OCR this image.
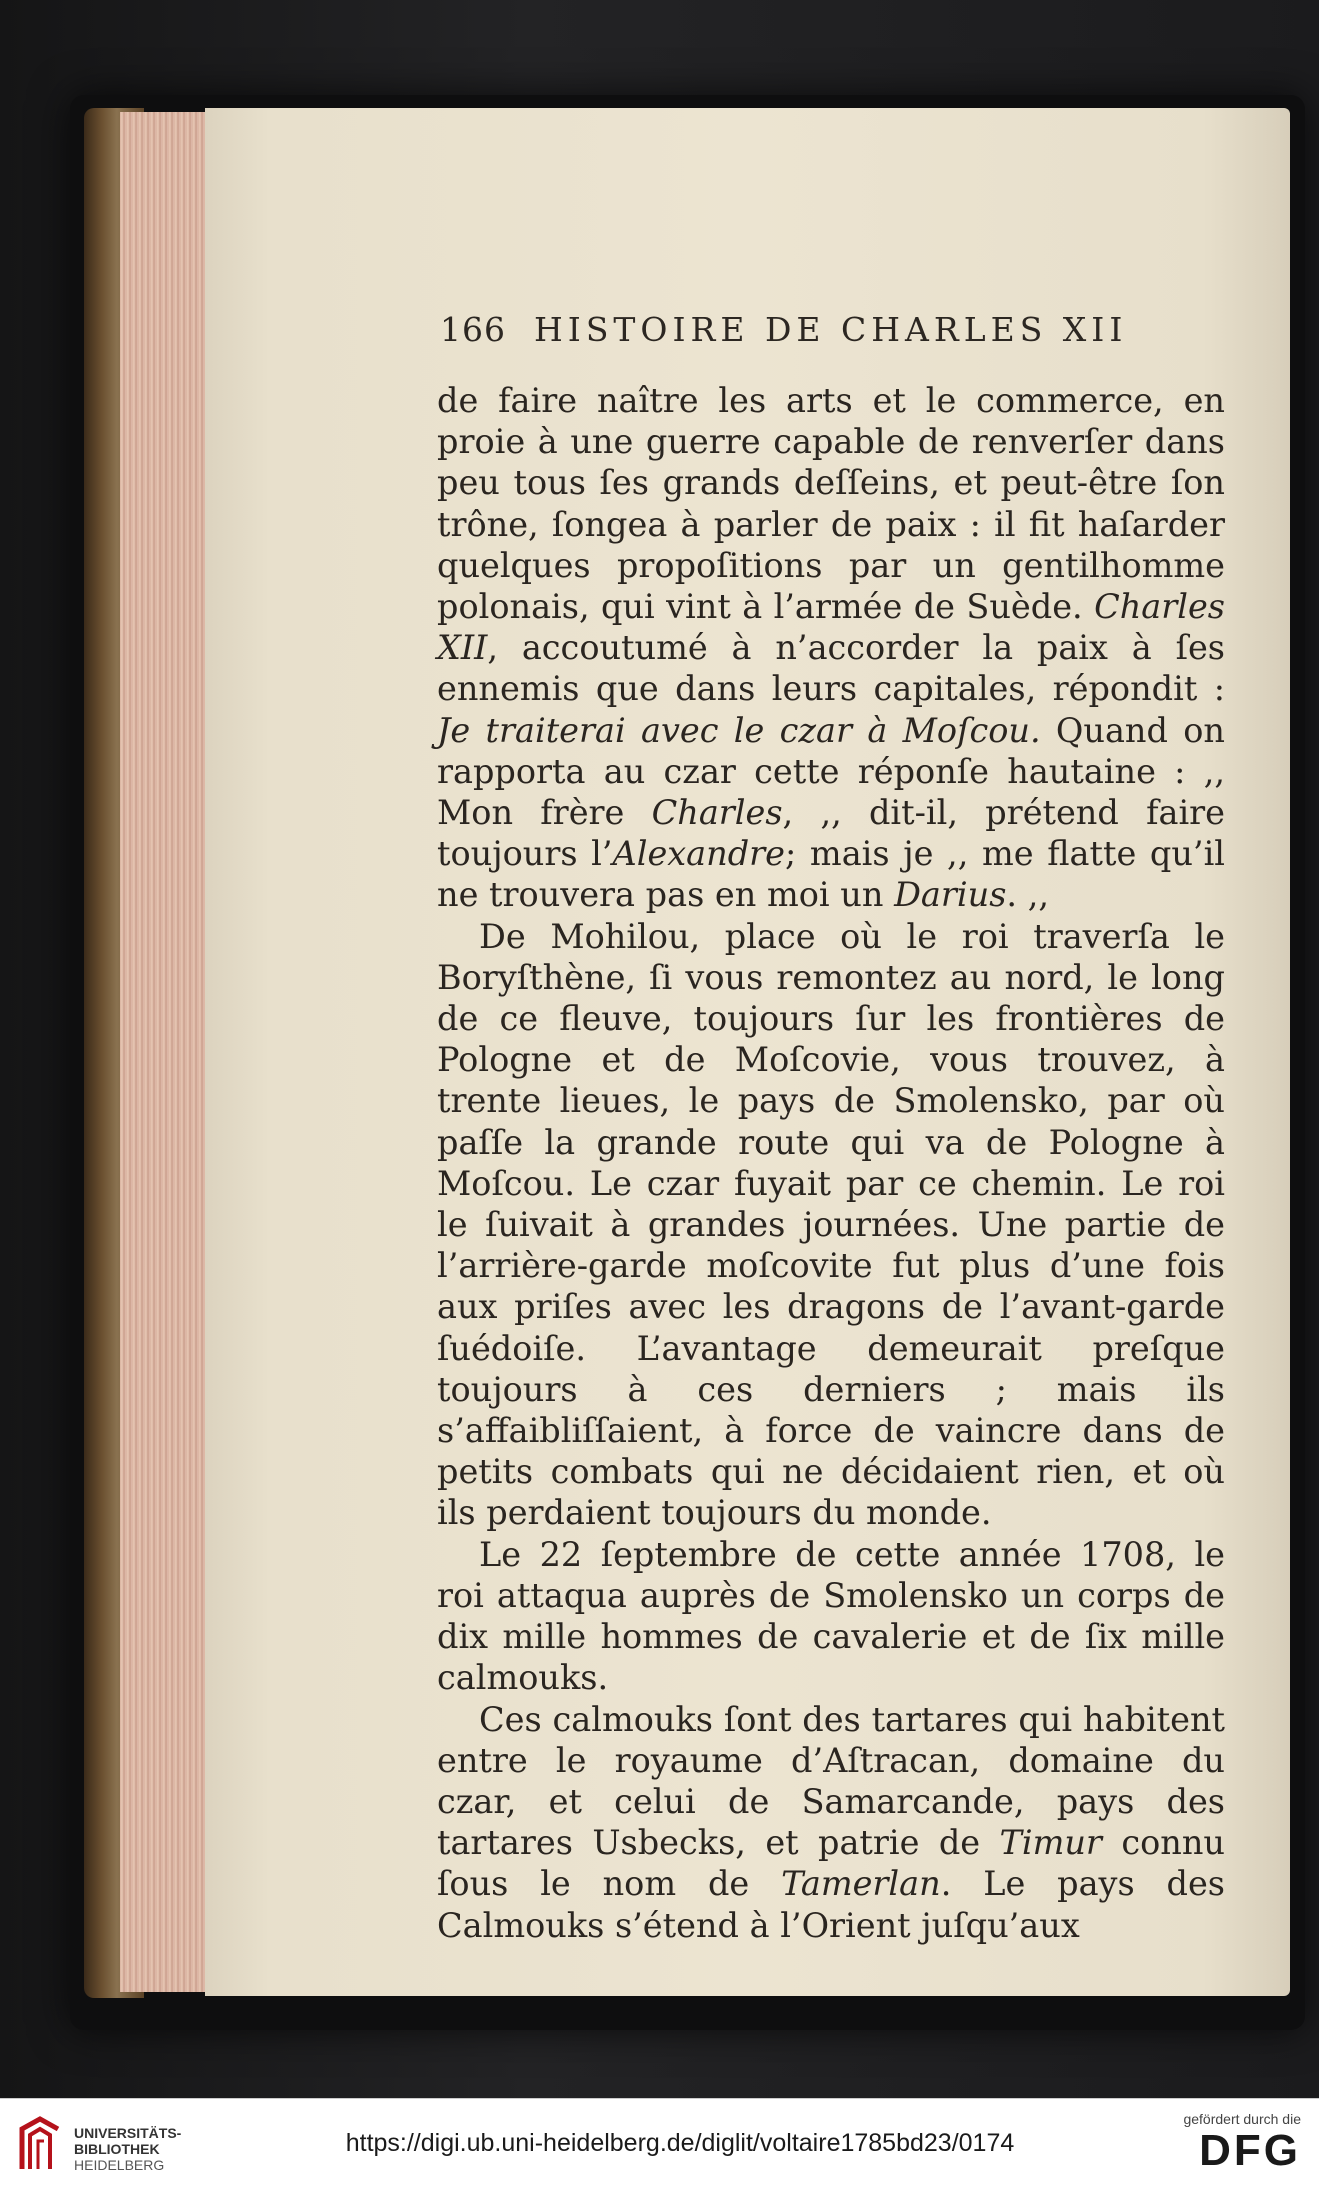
166 HISTOIRE DE CHARLES XII

de faire naître les arts et le commerce, en proie à une guerre capable de renverſer dans peu tous ſes grands deſſeins, et peut-être ſon trône, ſongea à parler de paix : il fit haſarder quelques propoſitions par un gentilhomme polonais, qui vint à l’armée de Suède. Charles XII, accoutumé à n’accorder la paix à ſes ennemis que dans leurs capitales, répondit : Je traiterai avec le czar à Moſcou. Quand on rapporta au czar cette réponſe hautaine : ,, Mon frère Charles, ,, dit-il, prétend faire toujours l’Alexandre; mais je ,, me flatte qu’il ne trouvera pas en moi un Darius. ,,

De Mohilou, place où le roi traverſa le Boryſthène, ſi vous remontez au nord, le long de ce fleuve, toujours ſur les frontières de Pologne et de Moſcovie, vous trouvez, à trente lieues, le pays de Smolensko, par où paſſe la grande route qui va de Pologne à Moſcou. Le czar fuyait par ce chemin. Le roi le ſuivait à grandes journées. Une partie de l’arrière-garde moſcovite fut plus d’une fois aux priſes avec les dragons de l’avant-garde ſuédoiſe. L’avantage demeurait preſque toujours à ces derniers ; mais ils s’affaibliſſaient, à force de vaincre dans de petits combats qui ne décidaient rien, et où ils perdaient toujours du monde.

Le 22 ſeptembre de cette année 1708, le roi attaqua auprès de Smolensko un corps de dix mille hommes de cavalerie et de ſix mille calmouks.

Ces calmouks ſont des tartares qui habitent entre le royaume d’Aſtracan, domaine du czar, et celui de Samarcande, pays des tartares Usbecks, et patrie de Timur connu ſous le nom de Tamerlan. Le pays des Calmouks s’étend à l’Orient juſqu’aux

UNIVERSITÄTS-
BIBLIOTHEK
HEIDELBERG
https://digi.ub.uni-heidelberg.de/diglit/voltaire1785bd23/0174
gefördert durch die
DFG
